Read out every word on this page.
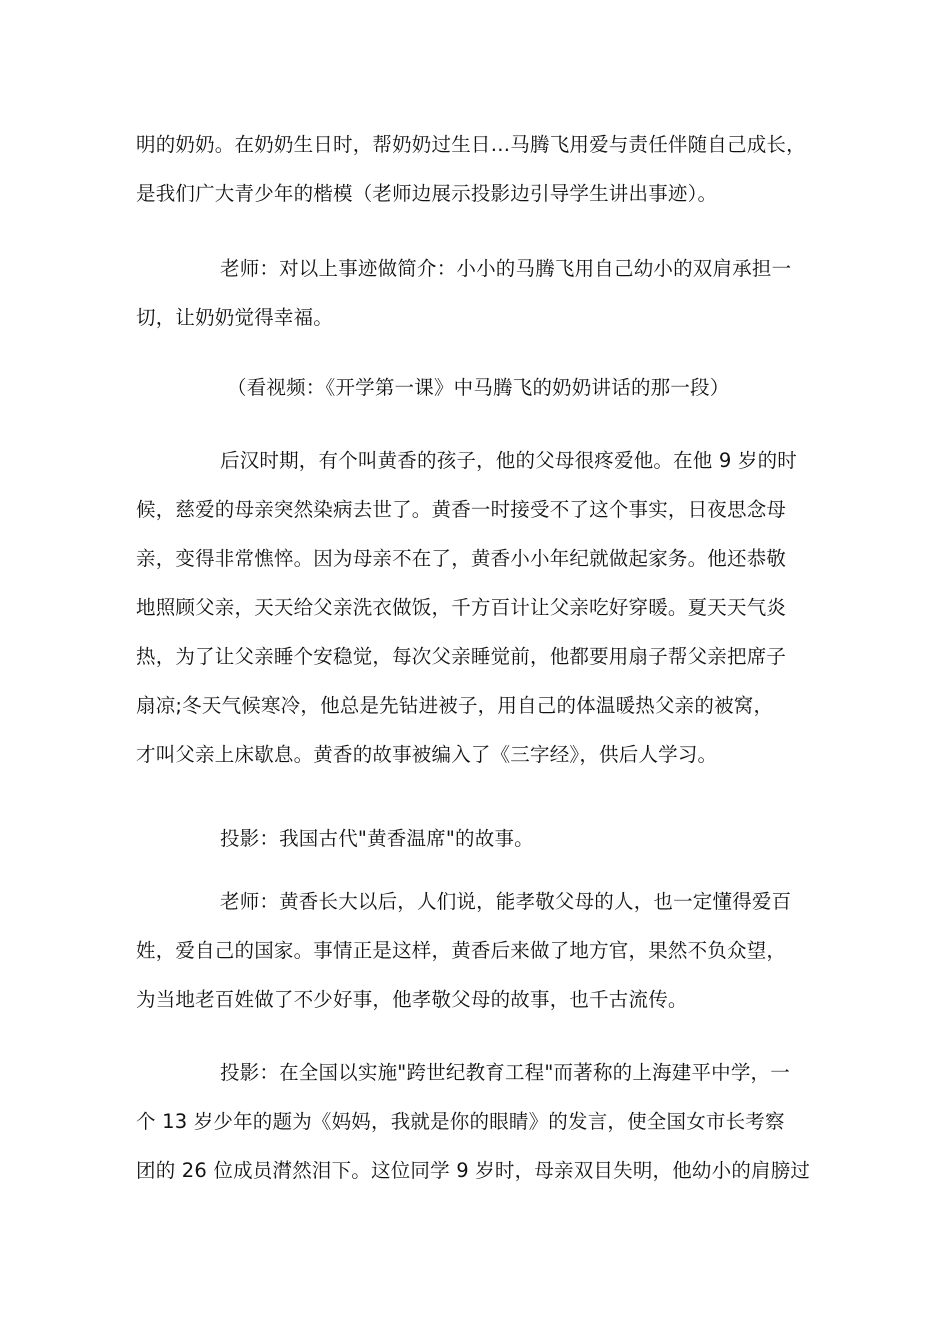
明的奶奶。在奶奶生日时，帮奶奶过生日…马腾飞用爱与责任伴随自己成长，
是我们广大青少年的楷模（老师边展示投影边引导学生讲出事迹）。
老师：对以上事迹做简介：小小的马腾飞用自己幼小的双肩承担一
切，让奶奶觉得幸福。
（看视频：《开学第一课》中马腾飞的奶奶讲话的那一段）
后汉时期，有个叫黄香的孩子，他的父母很疼爱他。在他 9 岁的时
候，慈爱的母亲突然染病去世了。黄香一时接受不了这个事实，日夜思念母
亲，变得非常憔悴。因为母亲不在了，黄香小小年纪就做起家务。他还恭敬
地照顾父亲，天天给父亲洗衣做饭，千方百计让父亲吃好穿暖。夏天天气炎
热，为了让父亲睡个安稳觉，每次父亲睡觉前，他都要用扇子帮父亲把席子
扇凉;冬天气候寒冷，他总是先钻进被子，用自己的体温暖热父亲的被窝，
才叫父亲上床歇息。黄香的故事被编入了《三字经》，供后人学习。
投影：我国古代"黄香温席"的故事。
老师：黄香长大以后，人们说，能孝敬父母的人，也一定懂得爱百
姓，爱自己的国家。事情正是这样，黄香后来做了地方官，果然不负众望，
为当地老百姓做了不少好事，他孝敬父母的故事，也千古流传。
投影：在全国以实施"跨世纪教育工程"而著称的上海建平中学，一
个 13 岁少年的题为《妈妈，我就是你的眼睛》的发言，使全国女市长考察
团的 26 位成员潸然泪下。这位同学 9 岁时，母亲双目失明，他幼小的肩膀过
